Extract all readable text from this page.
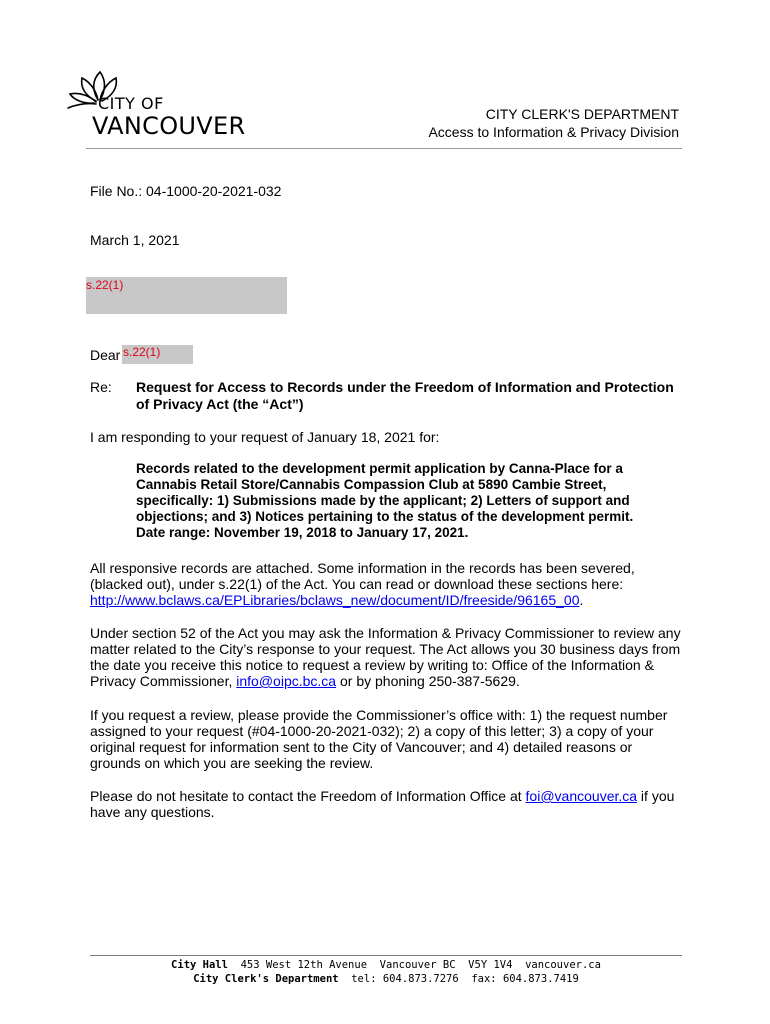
CITY OF
VANCOUVER	CITY CLERK'S DEPARTMENT
Access to Information & Privacy Division
File No.: 04-1000-20-2021-032
March 1, 2021
s.22(1)
Dear s.22(1)
Re: Request for Access to Records under the Freedom of Information and Protection
of Privacy Act (the “Act”)
I am responding to your request of January 18, 2021 for:
Records related to the development permit application by Canna-Place for a
Cannabis Retail Store/Cannabis Compassion Club at 5890 Cambie Street,
specifically: 1) Submissions made by the applicant; 2) Letters of support and
objections; and 3) Notices pertaining to the status of the development permit.
Date range: November 19, 2018 to January 17, 2021.
All responsive records are attached. Some information in the records has been severed,
(blacked out), under s.22(1) of the Act. You can read or download these sections here:
http://www.bclaws.ca/EPLibraries/bclaws_new/document/ID/freeside/96165_00.
Under section 52 of the Act you may ask the Information & Privacy Commissioner to review any
matter related to the City’s response to your request. The Act allows you 30 business days from
the date you receive this notice to request a review by writing to: Office of the Information &
Privacy Commissioner, info@oipc.bc.ca or by phoning 250-387-5629.
If you request a review, please provide the Commissioner’s office with: 1) the request number
assigned to your request (#04-1000-20-2021-032); 2) a copy of this letter; 3) a copy of your
original request for information sent to the City of Vancouver; and 4) detailed reasons or
grounds on which you are seeking the review.
Please do not hesitate to contact the Freedom of Information Office at foi@vancouver.ca if you
have any questions.
City Hall  453 West 12th Avenue  Vancouver BC  V5Y 1V4  vancouver.ca
City Clerk's Department  tel: 604.873.7276  fax: 604.873.7419
